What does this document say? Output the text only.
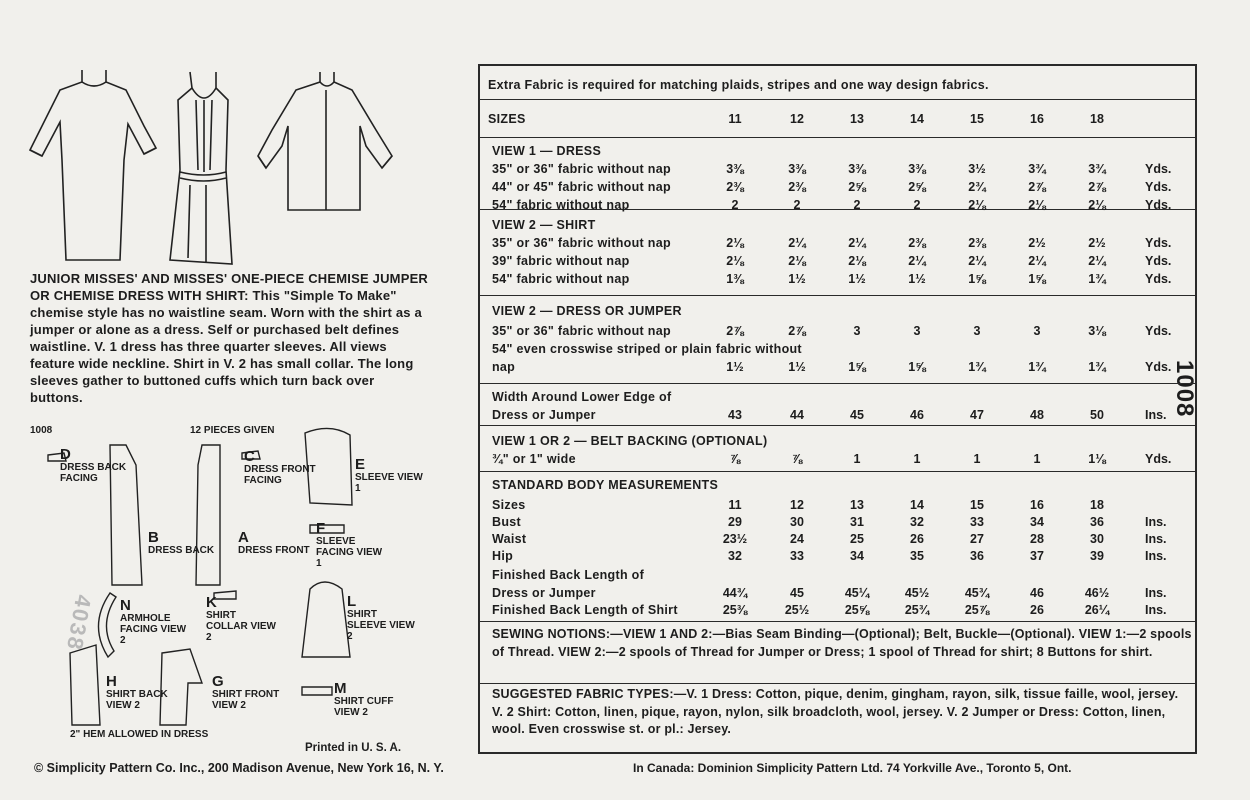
JUNIOR MISSES' AND MISSES' ONE-PIECE CHEMISE JUMPER OR CHEMISE DRESS WITH SHIRT: This "Simple To Make" chemise style has no waistline seam. Worn with the shirt as a jumper or alone as a dress. Self or purchased belt defines waistline. V. 1 dress has three quarter sleeves. All views feature wide neckline. Shirt in V. 2 has small collar. The long sleeves gather to buttoned cuffs which turn back over buttons.
1008	12 PIECES GIVEN
D
DRESS BACK FACING
C
DRESS FRONT FACING
E
SLEEVE VIEW 1
B
DRESS BACK
A
DRESS FRONT
F
SLEEVE FACING VIEW 1
N
ARMHOLE FACING VIEW 2
K
SHIRT COLLAR VIEW 2
L
SHIRT SLEEVE VIEW 2
H
SHIRT BACK VIEW 2
G
SHIRT FRONT VIEW 2
M
SHIRT CUFF VIEW 2
2" HEM ALLOWED IN DRESS
4038
Printed in U. S. A.
© Simplicity Pattern Co. Inc., 200 Madison Avenue, New York 16, N. Y.	In Canada: Dominion Simplicity Pattern Ltd. 74 Yorkville Ave., Toronto 5, Ont.
1008
Extra Fabric is required for matching plaids, stripes and one way design fabrics.
SIZES	11	12	13	14	15	16	18
VIEW 1 — DRESS
35" or 36" fabric without nap	3⅜	3⅜	3⅜	3⅜	3½	3¾	3¾	Yds.
44" or 45" fabric without nap	2⅜	2⅜	2⅝	2⅝	2¾	2⅞	2⅞	Yds.
54" fabric without nap	2	2	2	2	2⅛	2⅛	2⅛	Yds.
VIEW 2 — SHIRT
35" or 36" fabric without nap	2⅛	2¼	2¼	2⅜	2⅜	2½	2½	Yds.
39" fabric without nap	2⅛	2⅛	2⅛	2¼	2¼	2¼	2¼	Yds.
54" fabric without nap	1⅜	1½	1½	1½	1⅝	1⅝	1¾	Yds.
VIEW 2 — DRESS OR JUMPER
35" or 36" fabric without nap	2⅞	2⅞	3	3	3	3	3⅛	Yds.
54" even crosswise striped or plain fabric without
nap	1½	1½	1⅝	1⅝	1¾	1¾	1¾	Yds.
Width Around Lower Edge of
Dress or Jumper	43	44	45	46	47	48	50	Ins.
VIEW 1 OR 2 — BELT BACKING (OPTIONAL)
¾" or 1" wide	⅞	⅞	1	1	1	1	1⅛	Yds.
STANDARD BODY MEASUREMENTS
Sizes	11	12	13	14	15	16	18
Bust	29	30	31	32	33	34	36	Ins.
Waist	23½	24	25	26	27	28	30	Ins.
Hip	32	33	34	35	36	37	39	Ins.
Finished Back Length of
Dress or Jumper	44¾	45	45¼	45½	45¾	46	46½	Ins.
Finished Back Length of Shirt	25⅜	25½	25⅝	25¾	25⅞	26	26¼	Ins.
SEWING NOTIONS:—VIEW 1 AND 2:—Bias Seam Binding—(Optional); Belt, Buckle—(Optional). VIEW 1:—2 spools of Thread. VIEW 2:—2 spools of Thread for Jumper or Dress; 1 spool of Thread for shirt; 8 Buttons for shirt.
SUGGESTED FABRIC TYPES:—V. 1 Dress: Cotton, pique, denim, gingham, rayon, silk, tissue faille, wool, jersey. V. 2 Shirt: Cotton, linen, pique, rayon, nylon, silk broadcloth, wool, jersey. V. 2 Jumper or Dress: Cotton, linen, wool. Even crosswise st. or pl.: Jersey.
